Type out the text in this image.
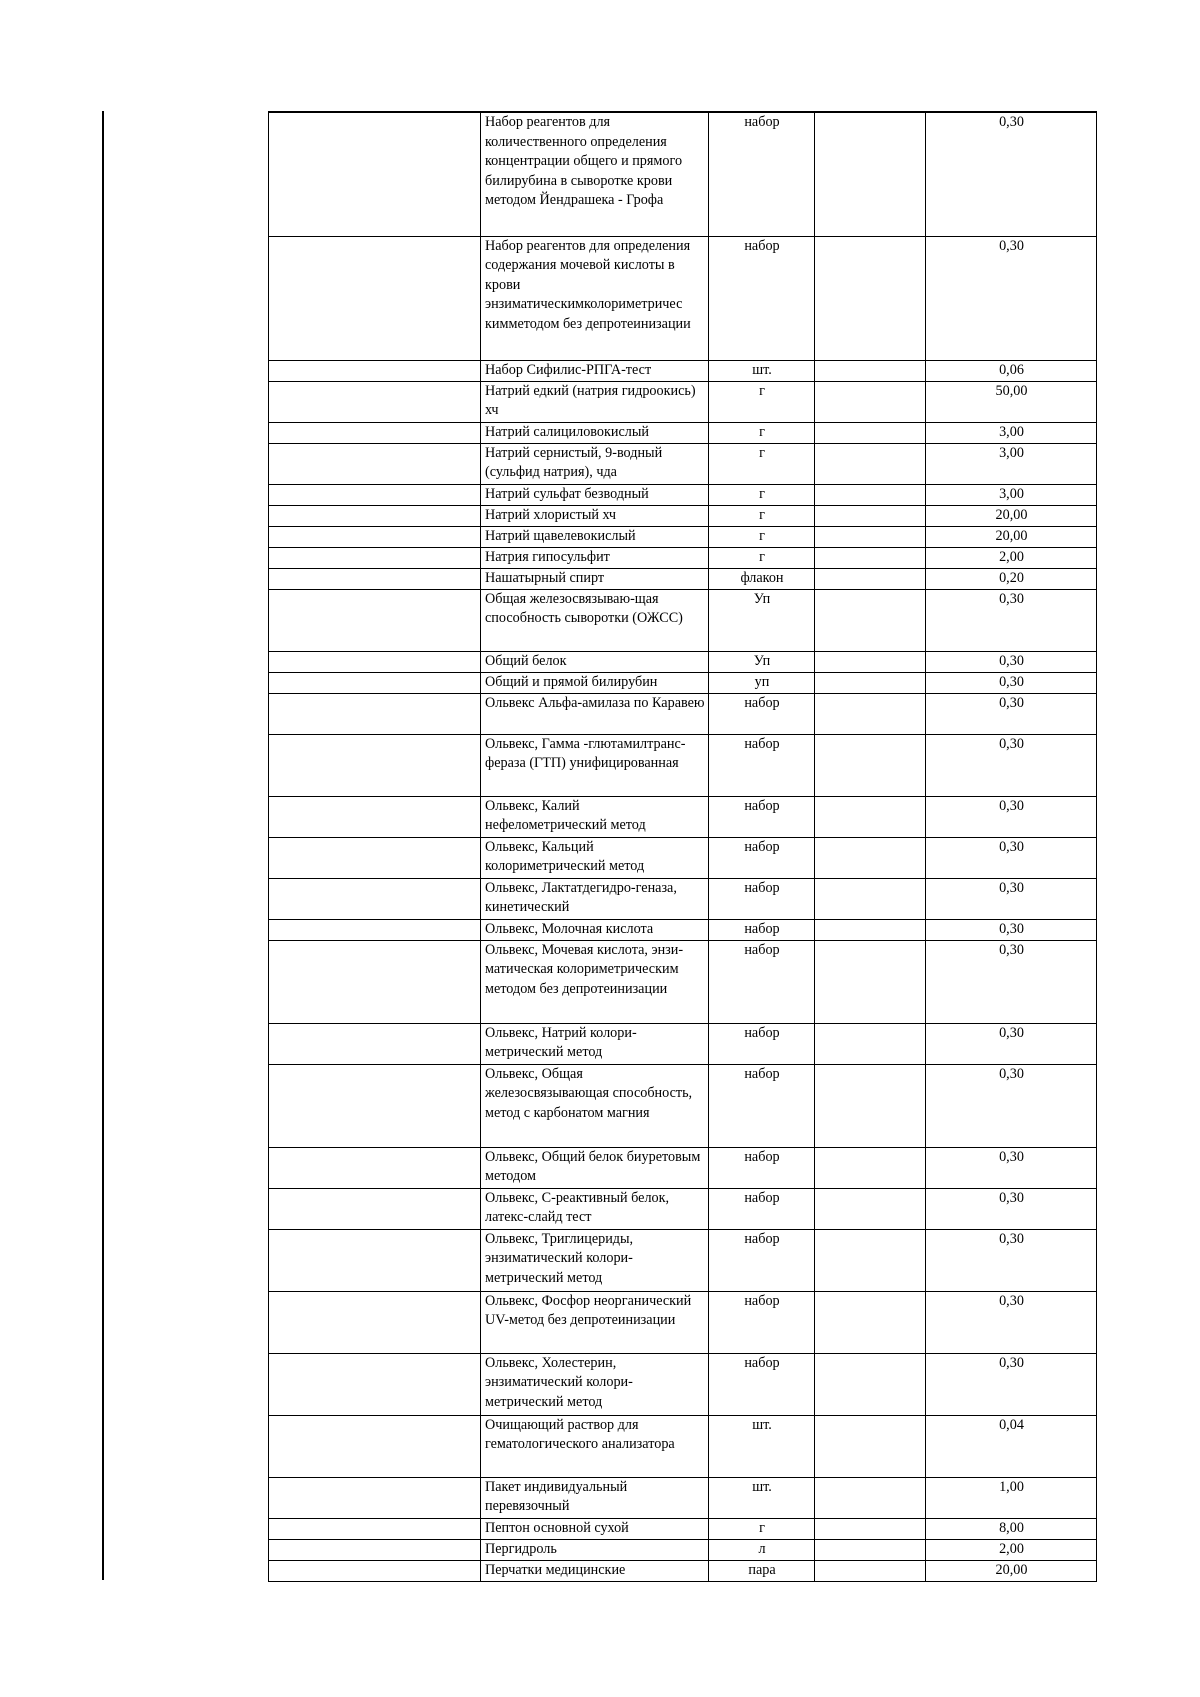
	Набор реагентов для количественного определения концентрации общего и прямого билирубина в сыворотке крови методом Йендрашека - Грофа	набор		0,30
	Набор реагентов для определения содержания мочевой кислоты в крови энзиматическимколориметричес кимметодом без депротеинизации	набор		0,30
	Набор Сифилис-РПГА-тест	шт.		0,06
	Натрий едкий (натрия гидроокись) хч	г		50,00
	Натрий салициловокислый	г		3,00
	Натрий сернистый, 9-водный (сульфид натрия), чда	г		3,00
	Натрий сульфат безводный	г		3,00
	Натрий хлористый хч	г		20,00
	Натрий щавелевокислый	г		20,00
	Натрия гипосульфит	г		2,00
	Нашатырный спирт	флакон		0,20
	Общая железосвязываю-щая способность сыворотки (ОЖСС)	Уп		0,30
	Общий белок	Уп		0,30
	Общий и прямой билирубин	уп		0,30
	Ольвекс Альфа-амилаза по Каравею	набор		0,30
	Ольвекс, Гамма -глютамилтранс-фераза (ГТП) унифицированная	набор		0,30
	Ольвекс, Калий нефелометрический метод	набор		0,30
	Ольвекс, Кальций колориметрический метод	набор		0,30
	Ольвекс, Лактатдегидро-геназа, кинетический	набор		0,30
	Ольвекс, Молочная кислота	набор		0,30
	Ольвекс, Мочевая кислота, энзи-матическая колориметрическим методом без депротеинизации	набор		0,30
	Ольвекс, Натрий колори-метрический метод	набор		0,30
	Ольвекс, Общая железосвязывающая способность, метод с карбонатом магния	набор		0,30
	Ольвекс, Общий белок биуретовым методом	набор		0,30
	Ольвекс, С-реактивный белок, латекс-слайд тест	набор		0,30
	Ольвекс, Триглицериды, энзиматический колори-метрический метод	набор		0,30
	Ольвекс, Фосфор неорганический UV-метод без депротеинизации	набор		0,30
	Ольвекс, Холестерин, энзиматический колори-метрический метод	набор		0,30
	Очищающий раствор для гематологического анализатора	шт.		0,04
	Пакет индивидуальный перевязочный	шт.		1,00
	Пептон основной сухой	г		8,00
	Пергидроль	л		2,00
	Перчатки медицинские	пара		20,00
